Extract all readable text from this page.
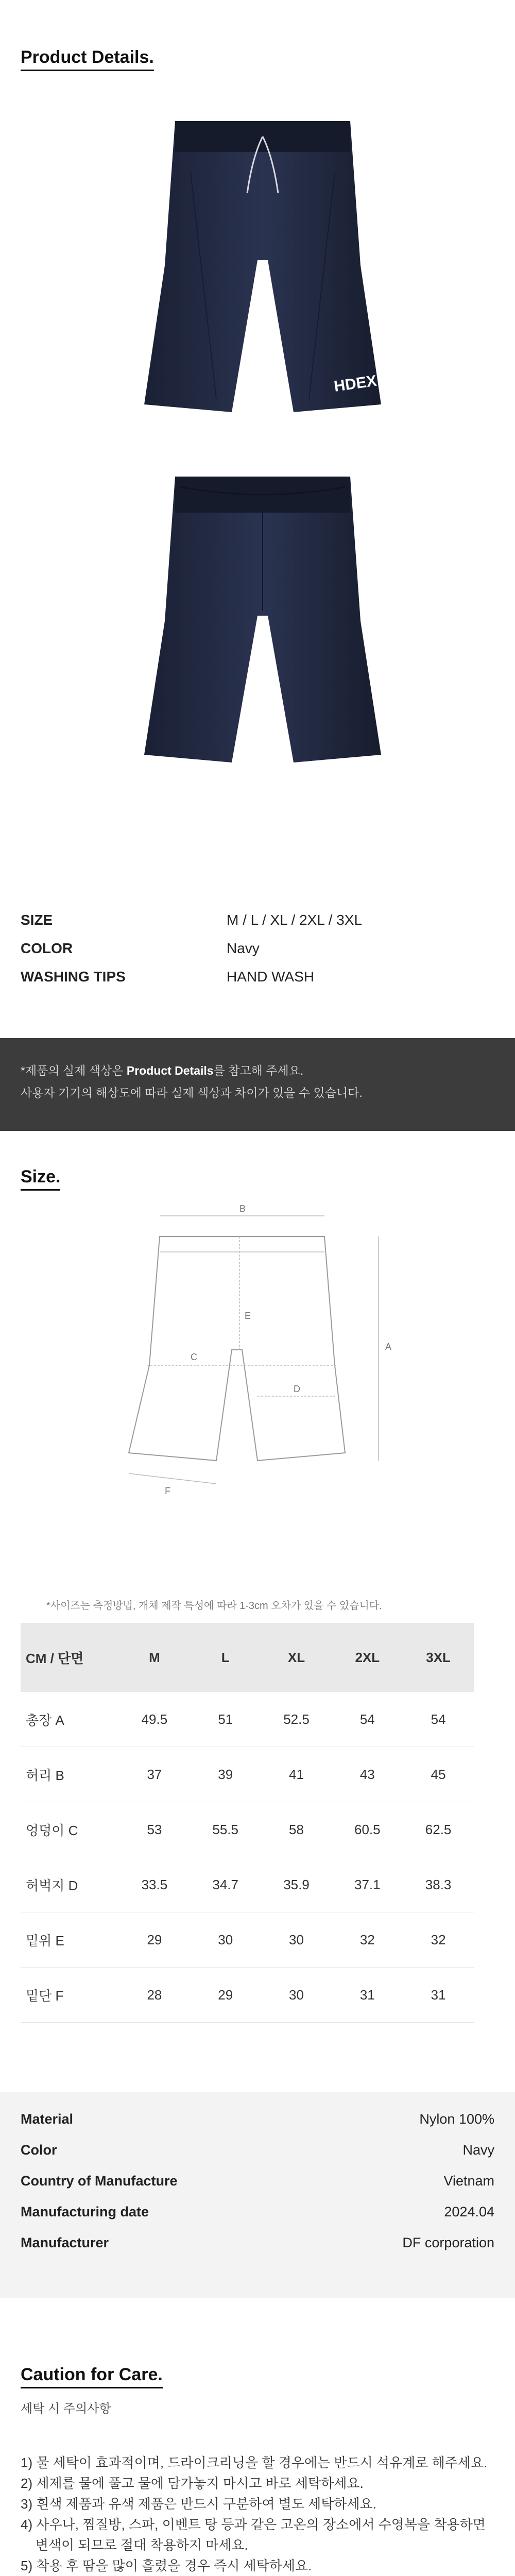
Product Details.
HDEX
SIZE	M / L / XL / 2XL / 3XL
COLOR	Navy
WASHING TIPS	HAND WASH
*제품의 실제 색상은 Product Details를 참고해 주세요.
사용자 기기의 해상도에 따라 실제 색상과 차이가 있을 수 있습니다.
Size.
B
A
C
D
E
F
*사이즈는 측정방법, 개체 제작 특성에 따라 1-3cm 오차가 있을 수 있습니다.
CM / 단면	M	L	XL	2XL	3XL
총장 A	49.5	51	52.5	54	54
허리 B	37	39	41	43	45
엉덩이 C	53	55.5	58	60.5	62.5
허벅지 D	33.5	34.7	35.9	37.1	38.3
밑위 E	29	30	30	32	32
밑단 F	28	29	30	31	31
Material	Nylon 100%
Color	Navy
Country of Manufacture	Vietnam
Manufacturing date	2024.04
Manufacturer	DF corporation
Caution for Care.
세탁 시 주의사항
1) 물 세탁이 효과적이며, 드라이크리닝을 할 경우에는 반드시 석유계로 해주세요.
2) 세제를 물에 풀고 물에 담가놓지 마시고 바로 세탁하세요.
3) 흰색 제품과 유색 제품은 반드시 구분하여 별도 세탁하세요.
4) 사우나, 찜질방, 스파, 이벤트 탕 등과 같은 고온의 장소에서 수영복을 착용하면
변색이 되므로 절대 착용하지 마세요.
5) 착용 후 땀을 많이 흘렸을 경우 즉시 세탁하세요.
